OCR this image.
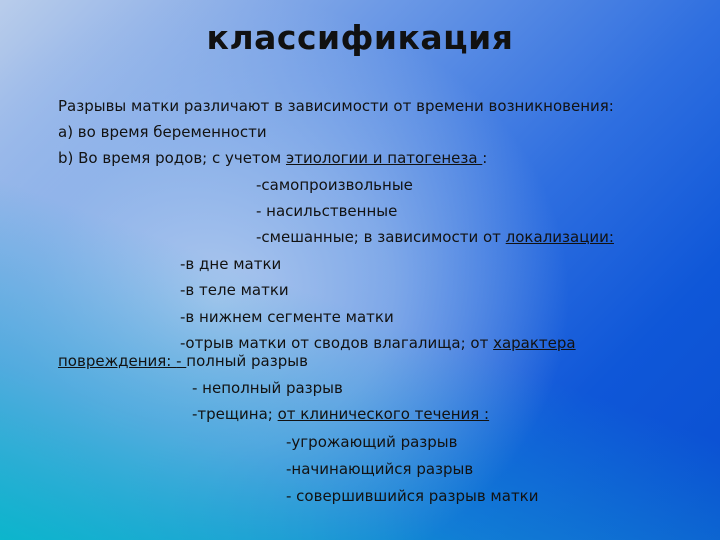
классификация
Разрывы матки различают в зависимости от времени возникновения:
a) во время беременности
b) Во время родов; с учетом этиологии и патогенеза :
-самопроизвольные
- насильственные
-смешанные; в зависимости от локализации:
-в дне матки
-в теле матки
-в нижнем сегменте матки
-отрыв матки от сводов влагалища; от характера
повреждения: - полный разрыв
- неполный разрыв
-трещина; от клинического течения :
-угрожающий разрыв
-начинающийся разрыв
- совершившийся разрыв матки
